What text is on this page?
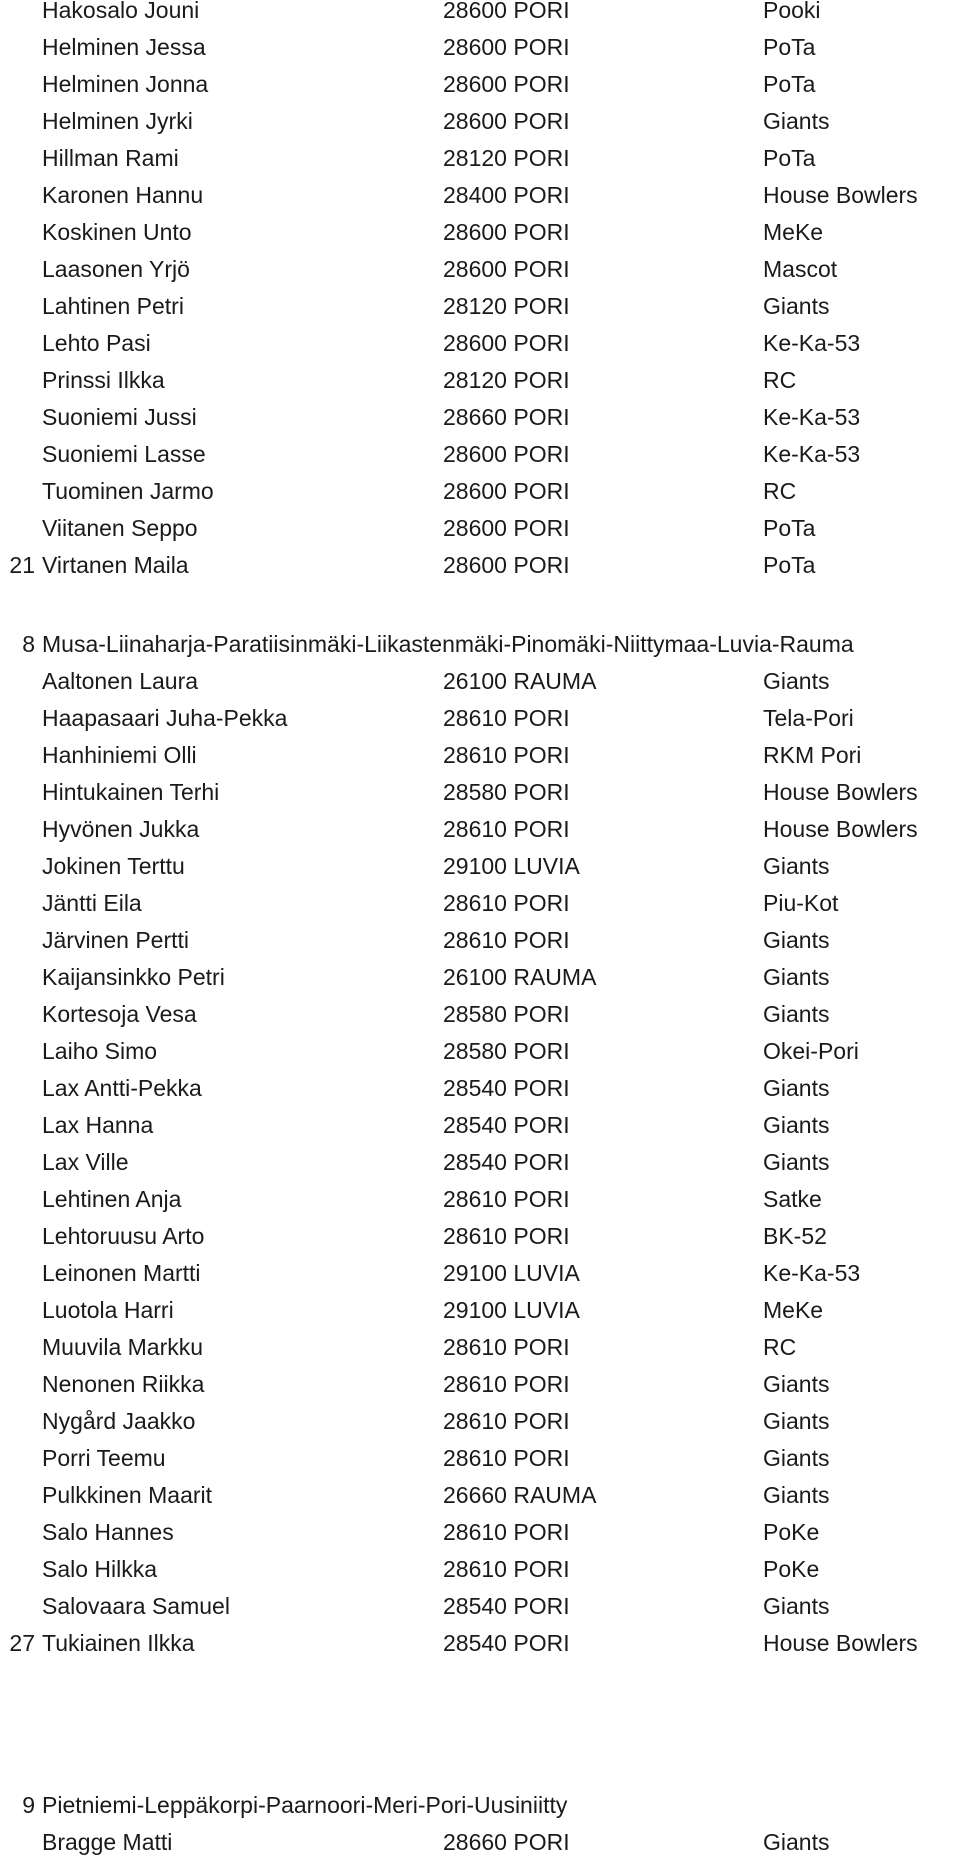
Hakosalo Jouni	28600 PORI	Pooki
Helminen Jessa	28600 PORI	PoTa
Helminen Jonna	28600 PORI	PoTa
Helminen Jyrki	28600 PORI	Giants
Hillman Rami	28120 PORI	PoTa
Karonen Hannu	28400 PORI	House Bowlers
Koskinen Unto	28600 PORI	MeKe
Laasonen Yrjö	28600 PORI	Mascot
Lahtinen Petri	28120 PORI	Giants
Lehto Pasi	28600 PORI	Ke-Ka-53
Prinssi Ilkka	28120 PORI	RC
Suoniemi Jussi	28660 PORI	Ke-Ka-53
Suoniemi Lasse	28600 PORI	Ke-Ka-53
Tuominen Jarmo	28600 PORI	RC
Viitanen Seppo	28600 PORI	PoTa
21 Virtanen Maila	28600 PORI	PoTa
8 Musa-Liinaharja-Paratiisinmäki-Liikastenmäki-Pinomäki-Niittymaa-Luvia-Rauma
Aaltonen Laura	26100 RAUMA	Giants
Haapasaari Juha-Pekka	28610 PORI	Tela-Pori
Hanhiniemi Olli	28610 PORI	RKM Pori
Hintukainen Terhi	28580 PORI	House Bowlers
Hyvönen Jukka	28610 PORI	House Bowlers
Jokinen Terttu	29100 LUVIA	Giants
Jäntti Eila	28610 PORI	Piu-Kot
Järvinen Pertti	28610 PORI	Giants
Kaijansinkko Petri	26100 RAUMA	Giants
Kortesoja Vesa	28580 PORI	Giants
Laiho Simo	28580 PORI	Okei-Pori
Lax Antti-Pekka	28540 PORI	Giants
Lax Hanna	28540 PORI	Giants
Lax Ville	28540 PORI	Giants
Lehtinen Anja	28610 PORI	Satke
Lehtoruusu Arto	28610 PORI	BK-52
Leinonen Martti	29100 LUVIA	Ke-Ka-53
Luotola Harri	29100 LUVIA	MeKe
Muuvila Markku	28610 PORI	RC
Nenonen Riikka	28610 PORI	Giants
Nygård Jaakko	28610 PORI	Giants
Porri Teemu	28610 PORI	Giants
Pulkkinen Maarit	26660 RAUMA	Giants
Salo Hannes	28610 PORI	PoKe
Salo Hilkka	28610 PORI	PoKe
Salovaara Samuel	28540 PORI	Giants
27 Tukiainen Ilkka	28540 PORI	House Bowlers
9 Pietniemi-Leppäkorpi-Paarnoori-Meri-Pori-Uusiniitty
Bragge Matti	28660 PORI	Giants
